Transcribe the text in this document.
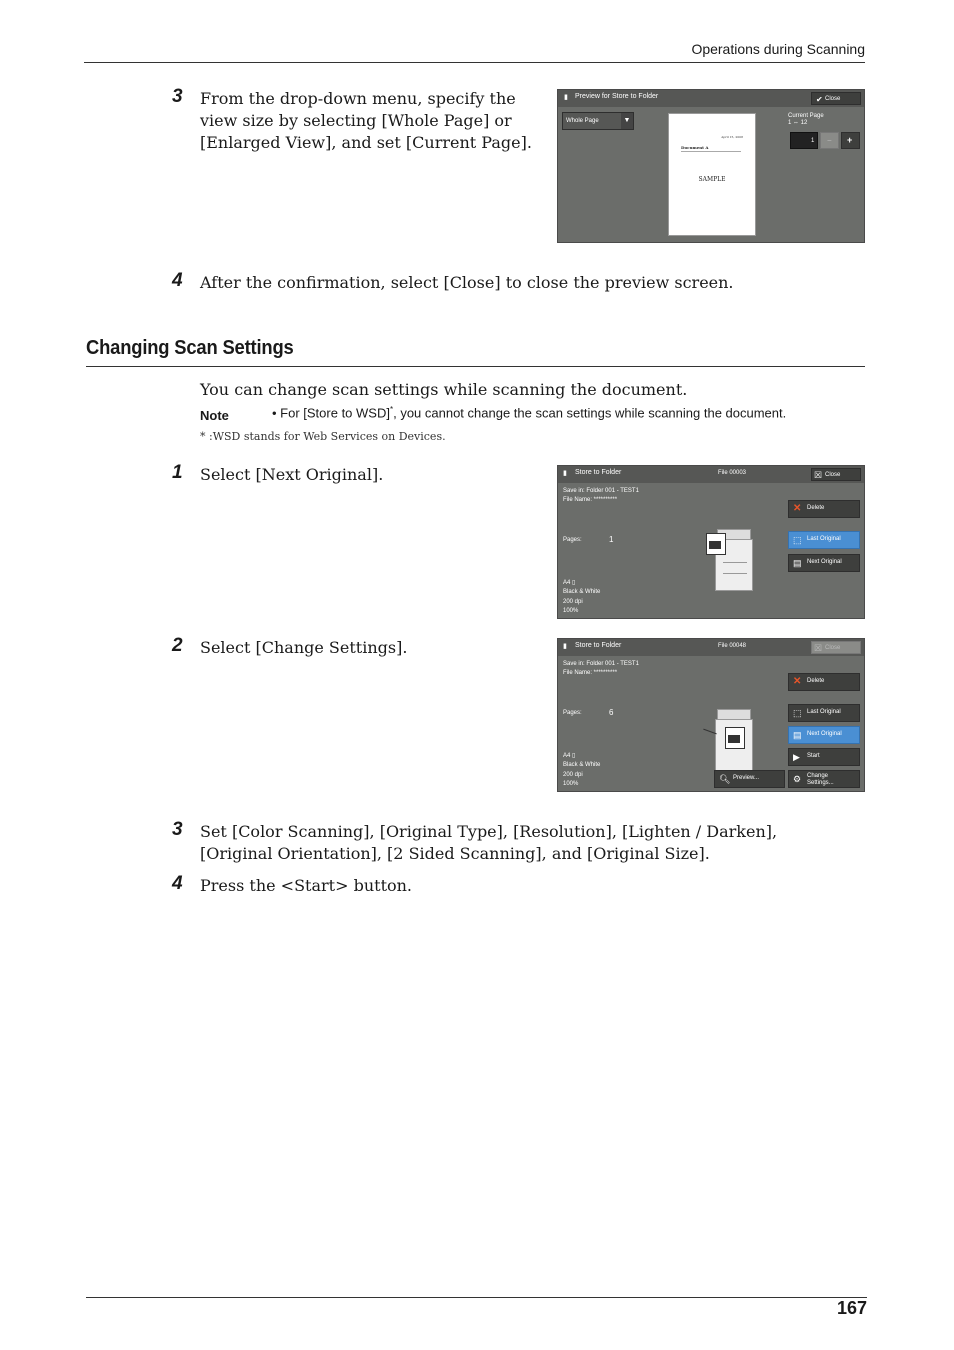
Operations during Scanning
3 From the drop-down menu, specify the view size by selecting [Whole Page] or [Enlarged View], and set [Current Page].
▮ Preview for Store to Folder	✔ Close
Whole Page	▼
April 15, 2008
Document A
SAMPLE
Current Page
1 ⇔ 12
1 − +
4 After the confirmation, select [Close] to close the preview screen.
Changing Scan Settings
You can change scan settings while scanning the document.
Note	• For [Store to WSD]*, you cannot change the scan settings while scanning the document.
* :WSD stands for Web Services on Devices.
1 Select [Next Original].	▮ Store to Folder	File 00003	☒ Close
Save in: Folder 001 - TEST1
File Name: **********
Pages:	1
A4 ▯
Black & White
200 dpi
100%
✕ Delete
⬚ Last Original
▤ Next Original
2 Select [Change Settings].	▮ Store to Folder	File 00048	☒ Close
Save in: Folder 001 - TEST1
File Name: **********
Pages:	6
A4 ▯
Black & White
200 dpi
100%
✕ Delete
⬚ Last Original
▤ Next Original
▶ Start
🔍︎ Preview...	⚙ Change
Settings...
3 Set [Color Scanning], [Original Type], [Resolution], [Lighten / Darken], [Original Orientation], [2 Sided Scanning], and [Original Size].
4 Press the <Start> button.
167
